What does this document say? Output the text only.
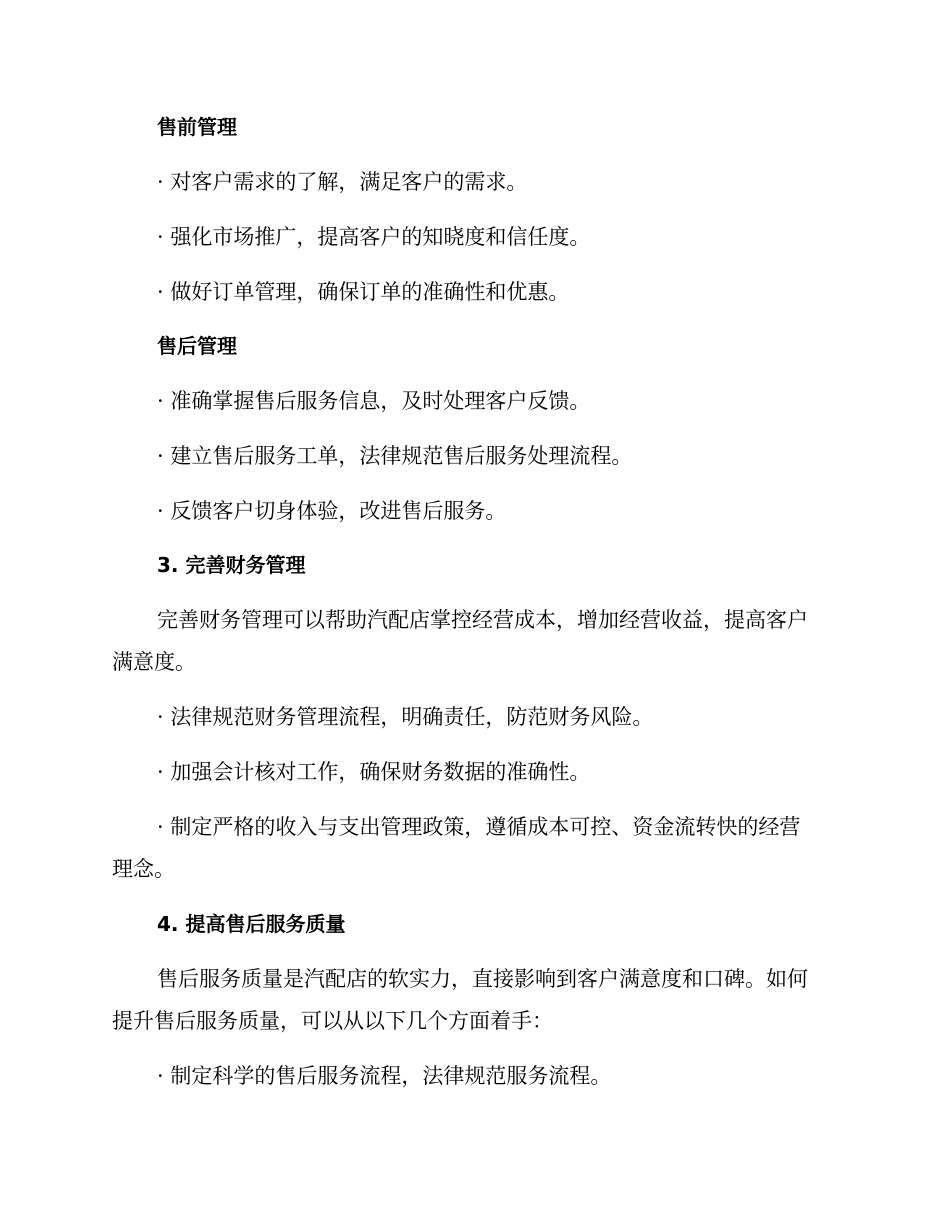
售前管理

· 对客户需求的了解，满足客户的需求。

· 强化市场推广，提高客户的知晓度和信任度。

· 做好订单管理，确保订单的准确性和优惠。

售后管理

· 准确掌握售后服务信息，及时处理客户反馈。

· 建立售后服务工单，法律规范售后服务处理流程。

· 反馈客户切身体验，改进售后服务。

3. 完善财务管理

完善财务管理可以帮助汽配店掌控经营成本，增加经营收益，提高客户

满意度。

· 法律规范财务管理流程，明确责任，防范财务风险。

· 加强会计核对工作，确保财务数据的准确性。

· 制定严格的收入与支出管理政策，遵循成本可控、资金流转快的经营

理念。

4. 提高售后服务质量

售后服务质量是汽配店的软实力，直接影响到客户满意度和口碑。如何

提升售后服务质量，可以从以下几个方面着手：

· 制定科学的售后服务流程，法律规范服务流程。
